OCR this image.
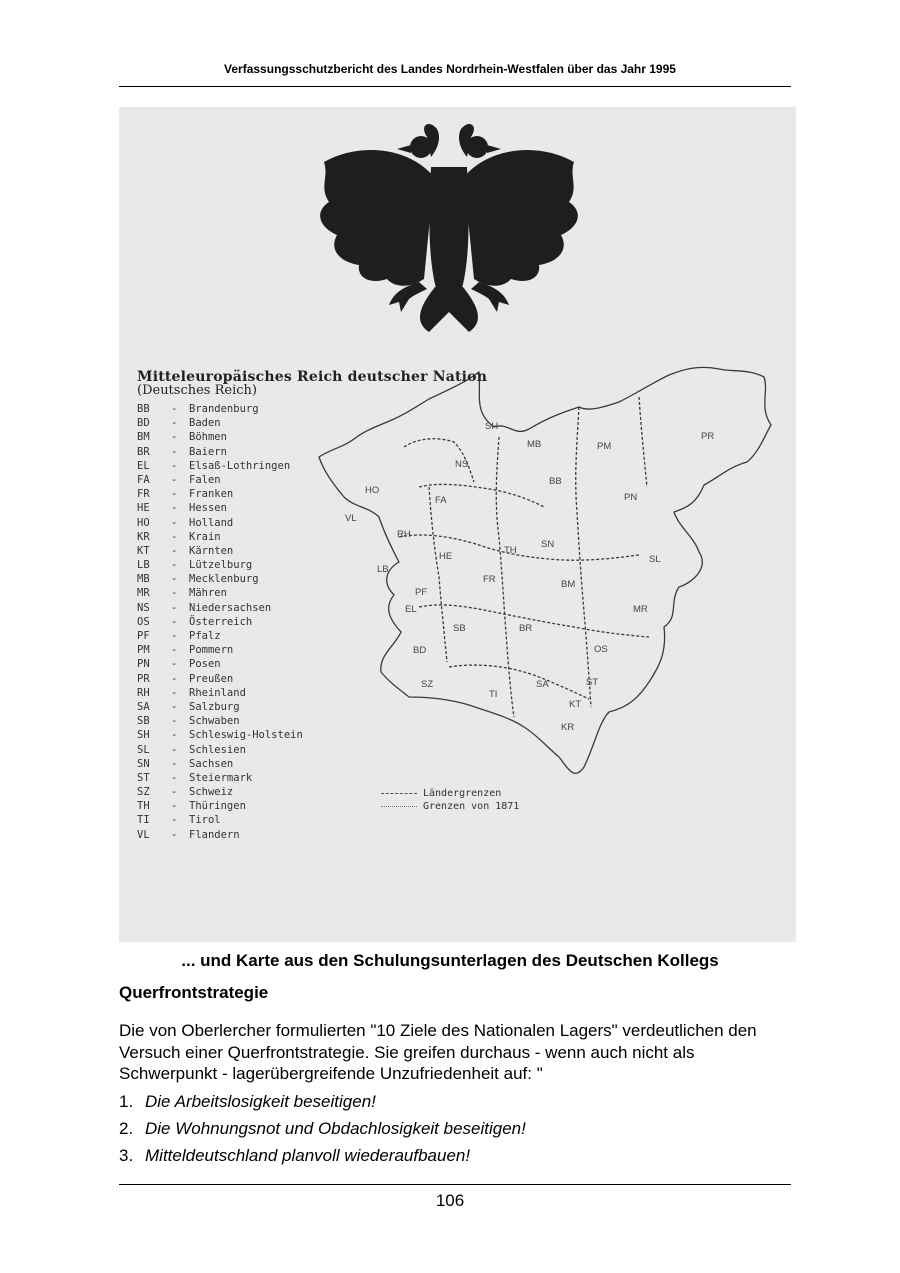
Verfassungsschutzbericht des Landes Nordrhein-Westfalen über das Jahr 1995
SH
MB	PM
PR
NS
BB
PN
HO
FA
VL
RH
TH
SN
SL
HE
LB
FR	BM
PF
EL	MR
SB	BR
BD	OS
SZ
TI
SA	ST
KT
KR
Mitteleuropäisches Reich deutscher Nation
(Deutsches Reich)
BB - Brandenburg
BD - Baden
BM - Böhmen
BR - Baiern
EL - Elsaß-Lothringen
FA - Falen
FR - Franken
HE - Hessen
HO - Holland
KR - Krain
KT - Kärnten
LB - Lützelburg
MB - Mecklenburg
MR - Mähren
NS - Niedersachsen
OS - Österreich
PF - Pfalz
PM - Pommern
PN - Posen
PR - Preußen
RH - Rheinland
SA - Salzburg
SB - Schwaben
SH - Schleswig-Holstein
SL - Schlesien
SN - Sachsen
ST - Steiermark
SZ - Schweiz
TH - Thüringen
TI - Tirol
VL - Flandern
Ländergrenzen
Grenzen von 1871
... und Karte aus den Schulungsunterlagen des Deutschen Kollegs
Querfrontstrategie
Die von Oberlercher formulierten "10 Ziele des Nationalen Lagers" verdeutlichen den Versuch einer Querfrontstrategie. Sie greifen durchaus - wenn auch nicht als Schwerpunkt - lagerübergreifende Unzufriedenheit auf: "
1. Die Arbeitslosigkeit beseitigen!
2. Die Wohnungsnot und Obdachlosigkeit beseitigen!
3. Mitteldeutschland planvoll wiederaufbauen!
106
